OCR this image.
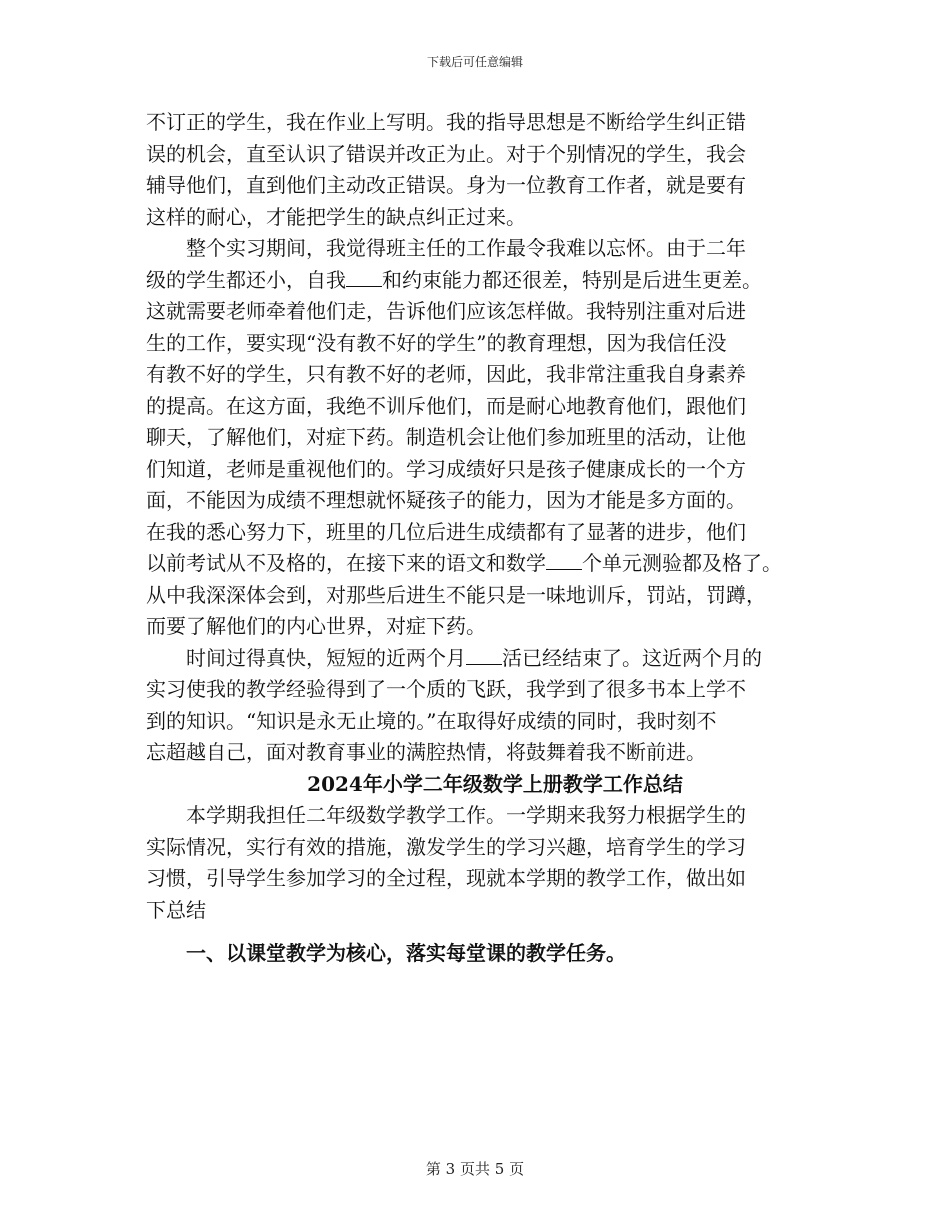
下载后可任意编辑
不订正的学生，我在作业上写明。我的指导思想是不断给学生纠正错
误的机会，直至认识了错误并改正为止。对于个别情况的学生，我会
辅导他们，直到他们主动改正错误。身为一位教育工作者，就是要有
这样的耐心，才能把学生的缺点纠正过来。
整个实习期间，我觉得班主任的工作最令我难以忘怀。由于二年
级的学生都还小，自我 和约束能力都还很差，特别是后进生更差。
这就需要老师牵着他们走，告诉他们应该怎样做。我特别注重对后进
生的工作，要实现“没有教不好的学生”的教育理想，因为我信任没
有教不好的学生，只有教不好的老师，因此，我非常注重我自身素养
的提高。在这方面，我绝不训斥他们，而是耐心地教育他们，跟他们
聊天，了解他们，对症下药。制造机会让他们参加班里的活动，让他
们知道，老师是重视他们的。学习成绩好只是孩子健康成长的一个方
面，不能因为成绩不理想就怀疑孩子的能力，因为才能是多方面的。
在我的悉心努力下，班里的几位后进生成绩都有了显著的进步，他们
以前考试从不及格的，在接下来的语文和数学 个单元测验都及格了。
从中我深深体会到，对那些后进生不能只是一味地训斥，罚站，罚蹲，
而要了解他们的内心世界，对症下药。
时间过得真快，短短的近两个月 活已经结束了。这近两个月的
实习使我的教学经验得到了一个质的飞跃，我学到了很多书本上学不
到的知识。“知识是永无止境的。”在取得好成绩的同时，我时刻不
忘超越自己，面对教育事业的满腔热情，将鼓舞着我不断前进。
2024年小学二年级数学上册教学工作总结
本学期我担任二年级数学教学工作。一学期来我努力根据学生的
实际情况，实行有效的措施，激发学生的学习兴趣，培育学生的学习
习惯，引导学生参加学习的全过程，现就本学期的教学工作，做出如
下总结
一、以课堂教学为核心，落实每堂课的教学任务。
第 3 页共 5 页
